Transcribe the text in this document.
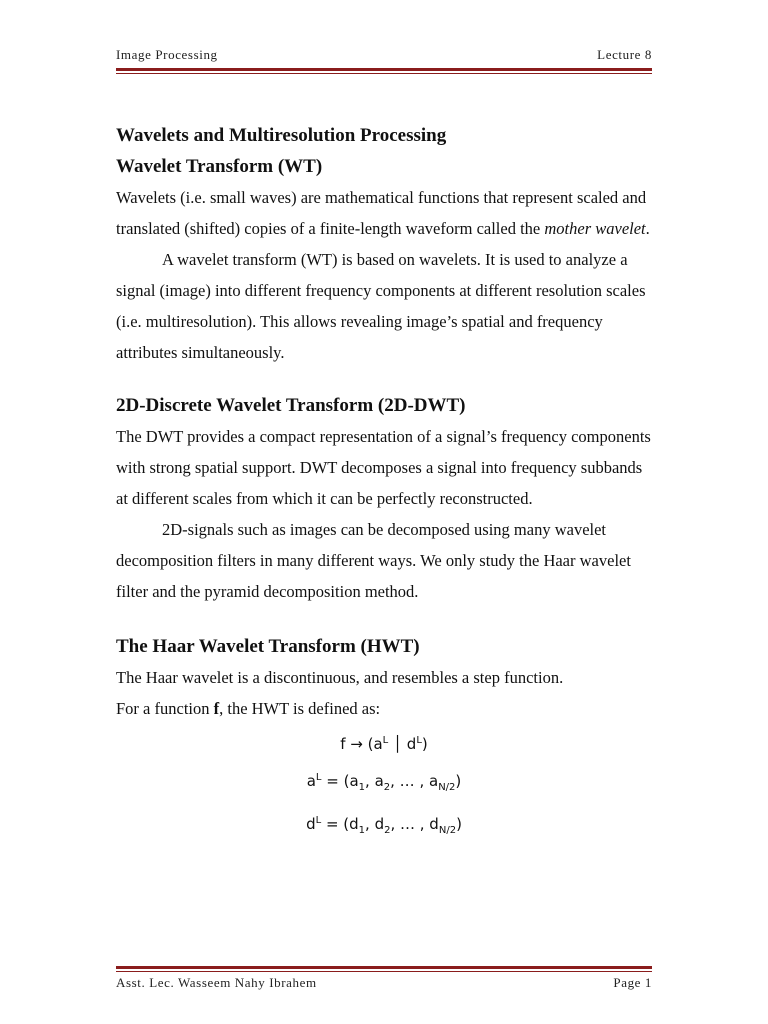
Image Processing	Lecture 8
Wavelets and Multiresolution Processing
Wavelet Transform (WT)

Wavelets (i.e. small waves) are mathematical functions that represent scaled and translated (shifted) copies of a finite-length waveform called the mother wavelet.

A wavelet transform (WT) is based on wavelets. It is used to analyze a signal (image) into different frequency components at different resolution scales (i.e. multiresolution). This allows revealing image’s spatial and frequency attributes simultaneously.

2D-Discrete Wavelet Transform (2D-DWT)

The DWT provides a compact representation of a signal’s frequency components with strong spatial support. DWT decomposes a signal into frequency subbands at different scales from which it can be perfectly reconstructed.

2D-signals such as images can be decomposed using many wavelet decomposition filters in many different ways. We only study the Haar wavelet filter and the pyramid decomposition method.

The Haar Wavelet Transform (HWT)

The Haar wavelet is a discontinuous, and resembles a step function.

For a function f, the HWT is defined as:

$f \to (a^L$ │ $d^L$)
$a^L = (a_1$, $a_2$, … , $a_{N/2}$)
$d^L = (d_1$, $d_2$, … , $d_{N/2}$)
Asst. Lec. Wasseem Nahy Ibrahem	Page 1
